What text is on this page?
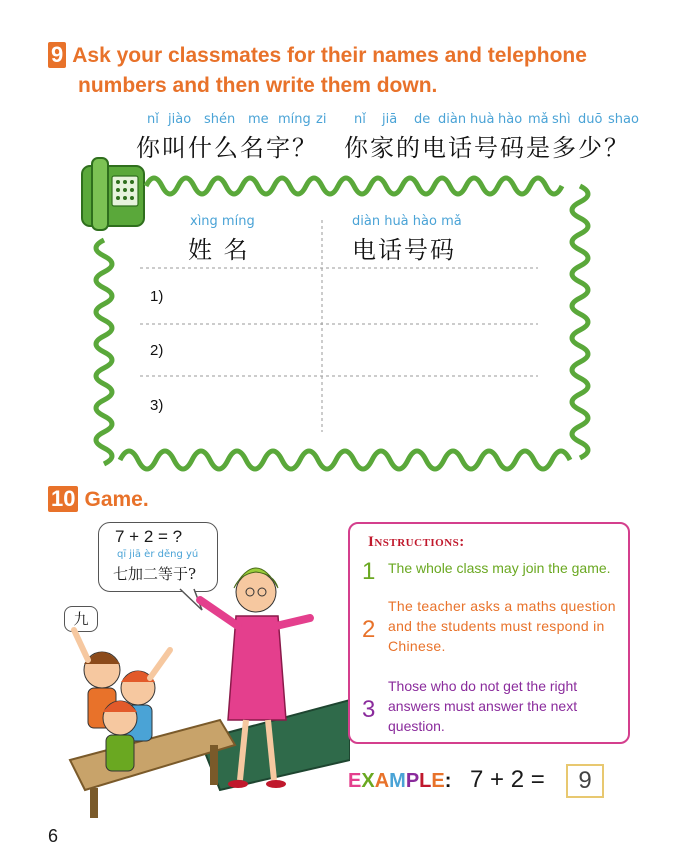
9 Ask your classmates for their names and telephone
numbers and then write them down.
nǐ jiào shén me míng zi
你叫什么名字？
nǐ jiā de diàn huà hào mǎ shì duō shao
你家的电话号码是多少？
xìng míng
姓 名
diàn huà hào mǎ
电话号码
1)
2)
3)
10 Game.
7 + 2 = ?
qī jiā èr děng yú
七加二等于?
九
Instructions:
1 The whole class may join the game.
2
The teacher asks a maths question and the students must respond in Chinese.
3
Those who do not get the right answers must answer the next question.
EXAMPLE: 7 + 2 =	9
6
